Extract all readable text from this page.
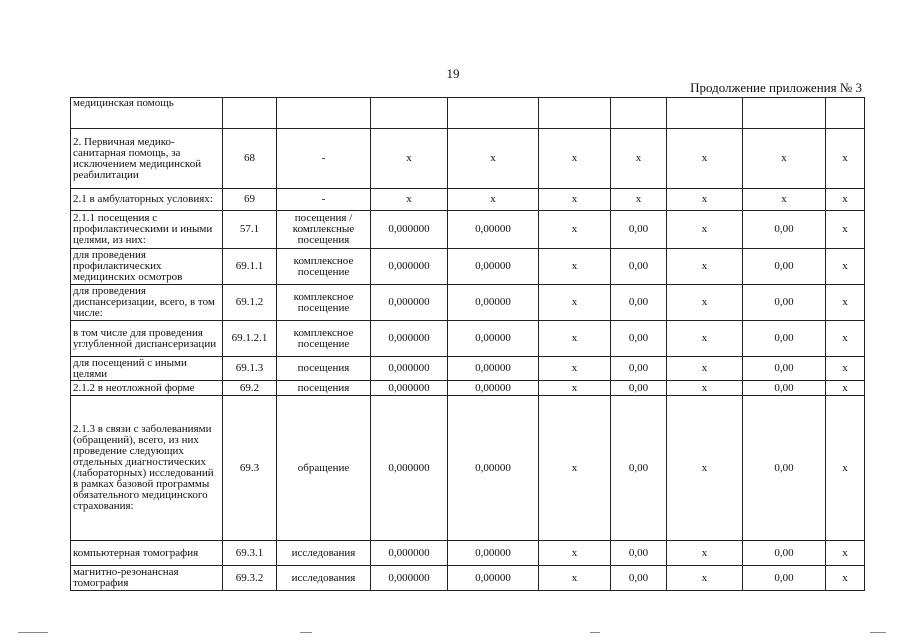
19
Продолжение приложения № 3
медицинская помощь									
2. Первичная медико-санитарная помощь, за исключением медицинской реабилитации	68	-	х	х	х	х	х	х	х
2.1 в амбулаторных условиях:	69	-	х	х	х	х	х	х	х
2.1.1 посещения с профилактическими и иными целями, из них:	57.1	посещения / комплексные посещения	0,000000	0,00000	х	0,00	х	0,00	х
для проведения профилактических медицинских осмотров	69.1.1	комплексное посещение	0,000000	0,00000	х	0,00	х	0,00	х
для проведения диспансеризации, всего, в том числе:	69.1.2	комплексное посещение	0,000000	0,00000	х	0,00	х	0,00	х
в том числе для проведения углубленной диспансеризации	69.1.2.1	комплексное посещение	0,000000	0,00000	х	0,00	х	0,00	х
для посещений с иными целями	69.1.3	посещения	0,000000	0,00000	х	0,00	х	0,00	х
2.1.2 в неотложной форме	69.2	посещения	0,000000	0,00000	х	0,00	х	0,00	х
2.1.3 в связи с заболеваниями (обращений), всего, из них проведение следующих отдельных диагностических (лабораторных) исследований в рамках базовой программы обязательного медицинского страхования:	69.3	обращение	0,000000	0,00000	х	0,00	х	0,00	х
компьютерная томография	69.3.1	исследования	0,000000	0,00000	х	0,00	х	0,00	х
магнитно-резонансная томография	69.3.2	исследования	0,000000	0,00000	х	0,00	х	0,00	х
